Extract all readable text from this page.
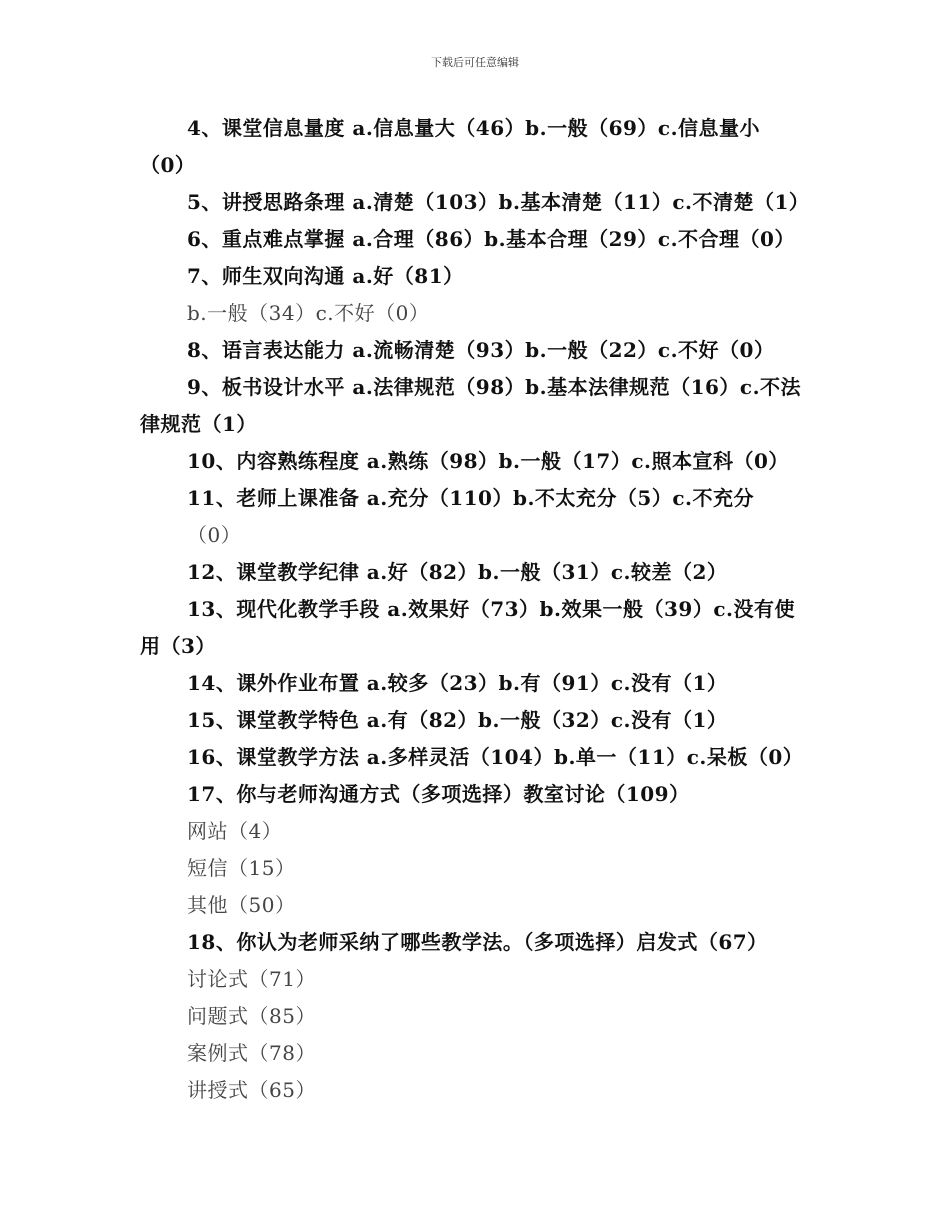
下载后可任意编辑

4、课堂信息量度 a.信息量大（46）b.一般（69）c.信息量小

（0）

5、讲授思路条理 a.清楚（103）b.基本清楚（11）c.不清楚（1）

6、重点难点掌握 a.合理（86）b.基本合理（29）c.不合理（0）

7、师生双向沟通 a.好（81）

b.一般（34）c.不好（0）

8、语言表达能力 a.流畅清楚（93）b.一般（22）c.不好（0）

9、板书设计水平 a.法律规范（98）b.基本法律规范（16）c.不法

律规范（1）

10、内容熟练程度 a.熟练（98）b.一般（17）c.照本宣科（0）

11、老师上课准备 a.充分（110）b.不太充分（5）c.不充分

（0）

12、课堂教学纪律 a.好（82）b.一般（31）c.较差（2）

13、现代化教学手段 a.效果好（73）b.效果一般（39）c.没有使

用（3）

14、课外作业布置 a.较多（23）b.有（91）c.没有（1）

15、课堂教学特色 a.有（82）b.一般（32）c.没有（1）

16、课堂教学方法 a.多样灵活（104）b.单一（11）c.呆板（0）

17、你与老师沟通方式（多项选择）教室讨论（109）

网站（4）

短信（15）

其他（50）

18、你认为老师采纳了哪些教学法。（多项选择）启发式（67）

讨论式（71）

问题式（85）

案例式（78）

讲授式（65）
